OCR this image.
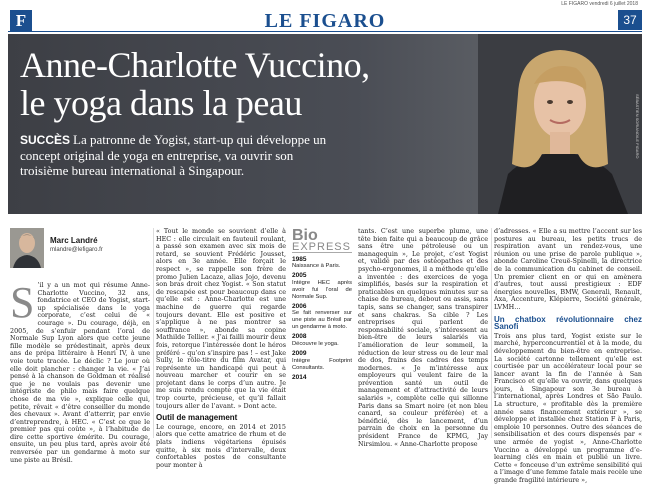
LE FIGARO vendredi 6 juillet 2018
F	LE FIGARO	37
Anne-Charlotte Vuccino,
le yoga dans la peau
SUCCÈS La patronne de Yogist, start-up qui développe un concept original de yoga en entreprise, va ouvrir son troisième bureau international à Singapour.
SÉBASTIEN SORIANO/LE FIGARO
Marc Landré
mlandre@lefigaro.fr
S ’il y a un mot qui résume Anne-Charlotte Vuccino, 32 ans, fondatrice et CEO de Yogist, start-up spécialisée dans le yoga corporate, c’est celui de « courage ». Du courage, déjà, en 2005, de s’enfuir pendant l’oral de Normale Sup Lyon alors que cette jeune fille modèle se prédestinait, après deux ans de prépa littéraire à Henri IV, à une voie toute tracée. Le déclic ? Le jour où elle doit plancher : changer la vie. « J’ai pensé à la chanson de Goldman et réalisé que je ne voulais pas devenir une intégriste de philo mais faire quelque chose de ma vie », explique celle qui, petite, rêvait « d’être conseiller du monde des chevaux ». Avant d’atterrir, par envie d’entreprendre, à HEC. « C’est ce que le premier pas qui coûte », à l’habitude de dire cette sportive émérite. Du courage, ensuite, un peu plus tard, après avoir été renversée par un gendarme à moto sur une piste au Brésil.

« Tout le monde se souvient d’elle à HEC : elle circulait en fauteuil roulant, a passé son examen avec six mois de retard, se souvient Frédéric Jousset, alors en 3e année. Elle forçait le respect », se rappelle son frère de promo Julien Lacaze, alias Jojo, devenu son bras droit chez Yogist. « Son statut de rescapée est pour beaucoup dans ce qu’elle est : Anne-Charlotte est une machine de guerre qui regarde toujours devant. Elle est positive et s’applique à ne pas montrer sa souffrance », abonde sa copine Mathilde Tellier. « J’ai failli mourir deux fois, retorque l’intéressée dont le héros préféré – qu’on s’inspire pas ! – est Jake Sully, le rôle-titre du film Avatar, qui représente un handicapé qui peut à nouveau marcher et courir en se projetant dans le corps d’un autre. Je me suis rendu compte que la vie était trop courte, précieuse, et qu’il fallait toujours aller de l’avant. » Dont acte.

Outil de management

Le courage, encore, en 2014 et 2015 alors que cette amatrice de rhum et de plats indiens végétariens épuisés quitte, à six mois d’intervalle, deux confortables postes de consultante pour monter à

Bio
EXPRESS
1985
Naissance à Paris.
2005
Intègre HEC après avoir fui l’oral de Normale Sup.
2006
Se fait renverser sur une piste au Brésil par un gendarme à moto.
2008
Découvre le yoga.
2009
Intègre Footprint Consultants.
2014

tants. C’est une superbe plume, une tête bien faite qui a beaucoup de grâce sans être une pétroleuse ou un managequin », Le projet, c’est Yogist et, validé par des ostéopathes et des psycho-ergonomes, il a méthode qu’elle a inventée : des exercices de yoga simplifiés, basés sur la respiration et praticables en quelques minutes sur sa chaise de bureau, debout ou assis, sans tapis, sans se changer, sans transpirer et sans chakras. Sa cible ? Les entreprises qui parlent de responsabilité sociale, s’intéressent au bien-être de leurs salariés via l’amélioration de leur sommeil, la réduction de leur stress ou de leur mal de dos, frains des cadres des temps modernes. « Je m’intéresse aux employeurs qui veulent faire de la prévention santé un outil de management et d’attractivité de leurs salariés », complète celle qui sillonne Paris dans sa Smart noire (et non bleu canard, sa couleur préférée) et a bénéficié, dès le lancement, d’un parrain de choix en la personne du président France de KPMG, Jay Nirsimlou. « Anne-Charlotte propose

d’adresses. « Elle a su mettre l’accent sur les postures au bureau, les petits trucs de respiration avant un rendez-vous, une réunion ou une prise de parole publique », abonde Caroline Creuë-Spinelli, la directrice de la communication du cabinet de conseil. Un premier client en or qui en amènera d’autres, tout aussi prestigieux : EDF énergies nouvelles, BMW, Generali, Renault, Axa, Accenture, Klépierre, Société générale, LVMH…

Un chatbox révolutionnaire chez Sanofi

Trois ans plus tard, Yogist existe sur le marché, hyperconcurrentiel et à la mode, du développement du bien-être en entreprise. La société cartonne tellement qu’elle est courtisée par un accélérateur local pour se lancer avant la fin de l’année à San Francisco et qu’elle va ouvrir, dans quelques jours, à Singapour son 3e bureau à l’international, après Londres et São Paulo. La structure, « profitable dès la première année sans financement extérieur », se développe et installée chez Station F à Paris, emploie 10 personnes. Outre des séances de sensibilisation et des cours dispensés par « une armée de yogist », Anne-Charlotte Vuccino a développé un programme d’e-learning clés en main et publié un livre. Cette « fonceuse d’un extrême sensibilité qui a l’image d’une femme fatale mais recèle une grande fragilité intérieure »,
